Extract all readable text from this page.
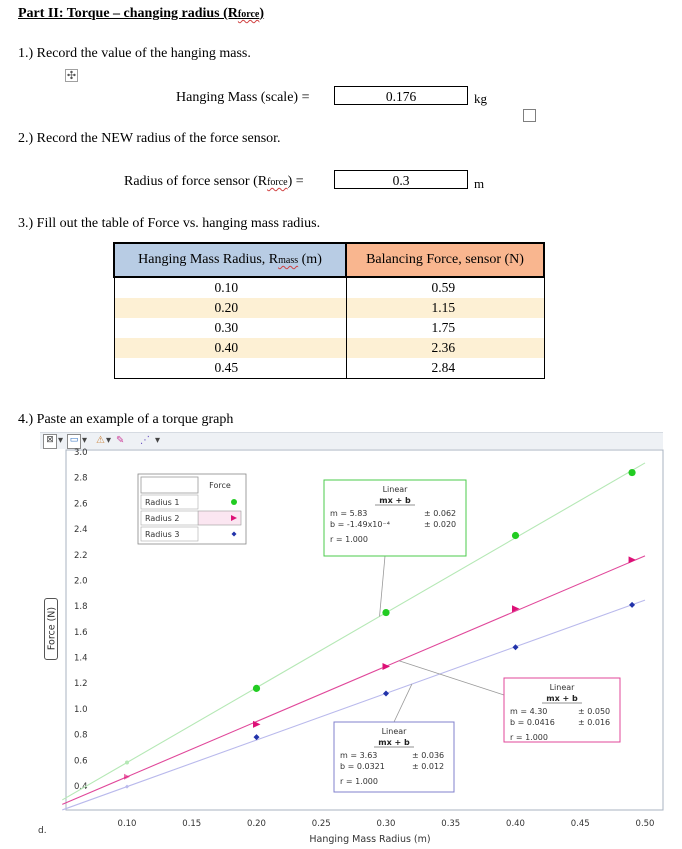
Part II: Torque – changing radius (Rforce)
1.) Record the value of the hanging mass.
✣
Hanging Mass (scale) =	0.176	kg
2.) Record the NEW radius of the force sensor.
Radius of force sensor (Rforce) =	0.3	m
3.) Fill out the table of Force vs. hanging mass radius.
Hanging Mass Radius, Rmass (m)	Balancing Force, sensor (N)
0.10	0.59
0.20	1.15
0.30	1.75
0.40	2.36
0.45	2.84
4.) Paste an example of a torque graph
⊠ ▾ ▭ ▾ ⚠ ▾ ✎ ⋰ ▾
Force (N)
0.10	0.15	0.20	0.25	0.30	0.35	0.40	0.45	0.50
0.4
0.6
0.8
1.0
1.2
1.4
1.6
1.8
2.0
2.2
2.4
2.6
2.8
3.0
Force
Radius 1
Radius 2
Radius 3
Linear
mx + b
m = 5.83	± 0.062
b = -1.49x10⁻⁴	± 0.020
r = 1.000
Linear
mx + b
m = 4.30	± 0.050
b = 0.0416	± 0.016
r = 1.000
Linear
mx + b
m = 3.63	± 0.036
b = 0.0321	± 0.012
r = 1.000
Hanging Mass Radius (m)
d.
